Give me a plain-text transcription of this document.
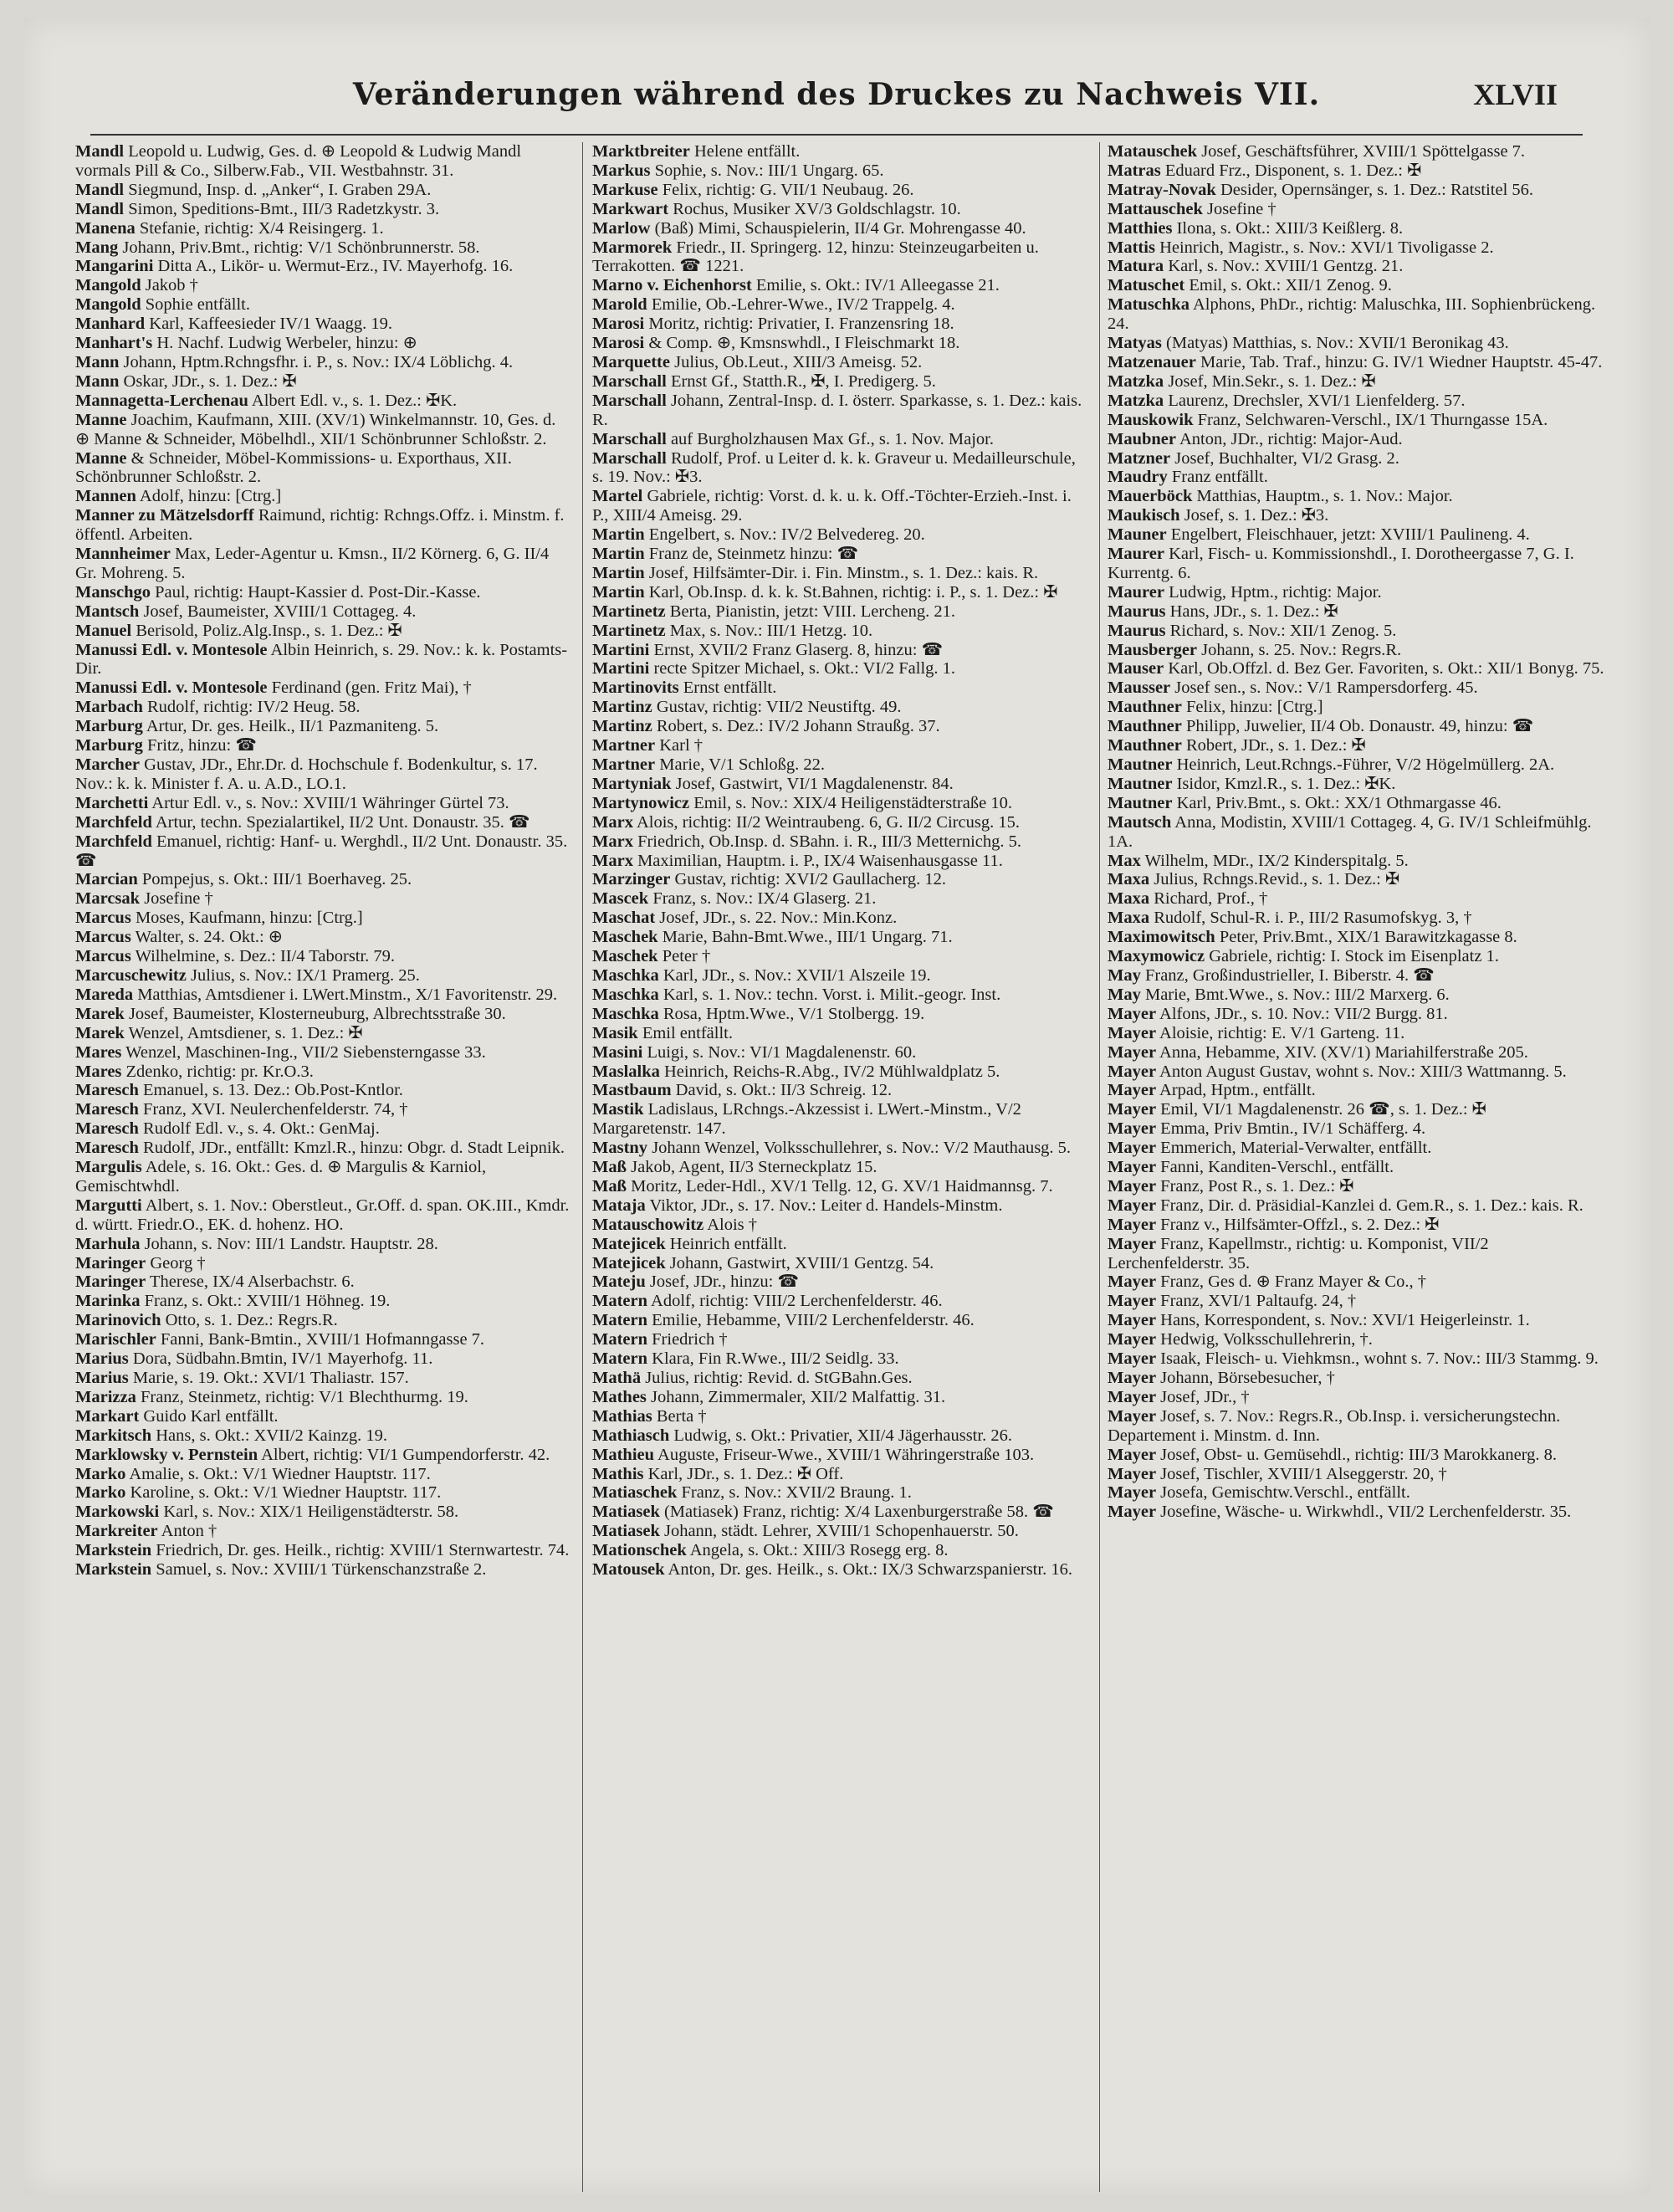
Veränderungen während des Druckes zu Nachweis VII.	XLVII

Mandl Leopold u. Ludwig, Ges. d. ⊕ Leopold & Ludwig Mandl vormals Pill & Co., Silberw.Fab., VII. Westbahnstr. 31.

Mandl Siegmund, Insp. d. „Anker“, I. Graben 29A.

Mandl Simon, Speditions-Bmt., III/3 Radetzkystr. 3.

Manena Stefanie, richtig: X/4 Reisingerg. 1.

Mang Johann, Priv.Bmt., richtig: V/1 Schönbrunnerstr. 58.

Mangarini Ditta A., Likör- u. Wermut-Erz., IV. Mayerhofg. 16.

Mangold Jakob †

Mangold Sophie entfällt.

Manhard Karl, Kaffeesieder IV/1 Waagg. 19.

Manhart's H. Nachf. Ludwig Werbeler, hinzu: ⊕

Mann Johann, Hptm.Rchngsfhr. i. P., s. Nov.: IX/4 Löblichg. 4.

Mann Oskar, JDr., s. 1. Dez.: ✠

Mannagetta-Lerchenau Albert Edl. v., s. 1. Dez.: ✠K.

Manne Joachim, Kaufmann, XIII. (XV/1) Winkelmannstr. 10, Ges. d. ⊕ Manne & Schneider, Möbelhdl., XII/1 Schönbrunner Schloßstr. 2.

Manne & Schneider, Möbel-Kommissions- u. Exporthaus, XII. Schönbrunner Schloßstr. 2.

Mannen Adolf, hinzu: [Ctrg.]

Manner zu Mätzelsdorff Raimund, richtig: Rchngs.Offz. i. Minstm. f. öffentl. Arbeiten.

Mannheimer Max, Leder-Agentur u. Kmsn., II/2 Körnerg. 6, G. II/4 Gr. Mohreng. 5.

Manschgo Paul, richtig: Haupt-Kassier d. Post-Dir.-Kasse.

Mantsch Josef, Baumeister, XVIII/1 Cottageg. 4.

Manuel Berisold, Poliz.Alg.Insp., s. 1. Dez.: ✠

Manussi Edl. v. Montesole Albin Heinrich, s. 29. Nov.: k. k. Postamts-Dir.

Manussi Edl. v. Montesole Ferdinand (gen. Fritz Mai), †

Marbach Rudolf, richtig: IV/2 Heug. 58.

Marburg Artur, Dr. ges. Heilk., II/1 Pazmaniteng. 5.

Marburg Fritz, hinzu: ☎

Marcher Gustav, JDr., Ehr.Dr. d. Hochschule f. Bodenkultur, s. 17. Nov.: k. k. Minister f. A. u. A.D., LO.1.

Marchetti Artur Edl. v., s. Nov.: XVIII/1 Währinger Gürtel 73.

Marchfeld Artur, techn. Spezialartikel, II/2 Unt. Donaustr. 35. ☎

Marchfeld Emanuel, richtig: Hanf- u. Werghdl., II/2 Unt. Donaustr. 35. ☎

Marcian Pompejus, s. Okt.: III/1 Boerhaveg. 25.

Marcsak Josefine †

Marcus Moses, Kaufmann, hinzu: [Ctrg.]

Marcus Walter, s. 24. Okt.: ⊕

Marcus Wilhelmine, s. Dez.: II/4 Taborstr. 79.

Marcuschewitz Julius, s. Nov.: IX/1 Pramerg. 25.

Mareda Matthias, Amtsdiener i. LWert.Minstm., X/1 Favoritenstr. 29.

Marek Josef, Baumeister, Klosterneuburg, Albrechtsstraße 30.

Marek Wenzel, Amtsdiener, s. 1. Dez.: ✠

Mares Wenzel, Maschinen-Ing., VII/2 Siebensterngasse 33.

Mares Zdenko, richtig: pr. Kr.O.3.

Maresch Emanuel, s. 13. Dez.: Ob.Post-Kntlor.

Maresch Franz, XVI. Neulerchenfelderstr. 74, †

Maresch Rudolf Edl. v., s. 4. Okt.: GenMaj.

Maresch Rudolf, JDr., entfällt: Kmzl.R., hinzu: Obgr. d. Stadt Leipnik.

Margulis Adele, s. 16. Okt.: Ges. d. ⊕ Margulis & Karniol, Gemischtwhdl.

Margutti Albert, s. 1. Nov.: Oberstleut., Gr.Off. d. span. OK.III., Kmdr. d. württ. Friedr.O., EK. d. hohenz. HO.

Marhula Johann, s. Nov: III/1 Landstr. Hauptstr. 28.

Maringer Georg †

Maringer Therese, IX/4 Alserbachstr. 6.

Marinka Franz, s. Okt.: XVIII/1 Höhneg. 19.

Marinovich Otto, s. 1. Dez.: Regrs.R.

Marischler Fanni, Bank-Bmtin., XVIII/1 Hofmanngasse 7.

Marius Dora, Südbahn.Bmtin, IV/1 Mayerhofg. 11.

Marius Marie, s. 19. Okt.: XVI/1 Thaliastr. 157.

Marizza Franz, Steinmetz, richtig: V/1 Blechthurmg. 19.

Markart Guido Karl entfällt.

Markitsch Hans, s. Okt.: XVII/2 Kainzg. 19.

Marklowsky v. Pernstein Albert, richtig: VI/1 Gumpendorferstr. 42.

Marko Amalie, s. Okt.: V/1 Wiedner Hauptstr. 117.

Marko Karoline, s. Okt.: V/1 Wiedner Hauptstr. 117.

Markowski Karl, s. Nov.: XIX/1 Heiligenstädterstr. 58.

Markreiter Anton †

Markstein Friedrich, Dr. ges. Heilk., richtig: XVIII/1 Sternwartestr. 74.

Markstein Samuel, s. Nov.: XVIII/1 Türkenschanzstraße 2.

Marktbreiter Helene entfällt.

Markus Sophie, s. Nov.: III/1 Ungarg. 65.

Markuse Felix, richtig: G. VII/1 Neubaug. 26.

Markwart Rochus, Musiker XV/3 Goldschlagstr. 10.

Marlow (Baß) Mimi, Schauspielerin, II/4 Gr. Mohrengasse 40.

Marmorek Friedr., II. Springerg. 12, hinzu: Steinzeugarbeiten u. Terrakotten. ☎ 1221.

Marno v. Eichenhorst Emilie, s. Okt.: IV/1 Alleegasse 21.

Marold Emilie, Ob.-Lehrer-Wwe., IV/2 Trappelg. 4.

Marosi Moritz, richtig: Privatier, I. Franzensring 18.

Marosi & Comp. ⊕, Kmsnswhdl., I Fleischmarkt 18.

Marquette Julius, Ob.Leut., XIII/3 Ameisg. 52.

Marschall Ernst Gf., Statth.R., ✠, I. Predigerg. 5.

Marschall Johann, Zentral-Insp. d. I. österr. Sparkasse, s. 1. Dez.: kais. R.

Marschall auf Burgholzhausen Max Gf., s. 1. Nov. Major.

Marschall Rudolf, Prof. u Leiter d. k. k. Graveur u. Medailleurschule, s. 19. Nov.: ✠3.

Martel Gabriele, richtig: Vorst. d. k. u. k. Off.-Töchter-Erzieh.-Inst. i. P., XIII/4 Ameisg. 29.

Martin Engelbert, s. Nov.: IV/2 Belvedereg. 20.

Martin Franz de, Steinmetz hinzu: ☎

Martin Josef, Hilfsämter-Dir. i. Fin. Minstm., s. 1. Dez.: kais. R.

Martin Karl, Ob.Insp. d. k. k. St.Bahnen, richtig: i. P., s. 1. Dez.: ✠

Martinetz Berta, Pianistin, jetzt: VIII. Lercheng. 21.

Martinetz Max, s. Nov.: III/1 Hetzg. 10.

Martini Ernst, XVII/2 Franz Glaserg. 8, hinzu: ☎

Martini recte Spitzer Michael, s. Okt.: VI/2 Fallg. 1.

Martinovits Ernst entfällt.

Martinz Gustav, richtig: VII/2 Neustiftg. 49.

Martinz Robert, s. Dez.: IV/2 Johann Straußg. 37.

Martner Karl †

Martner Marie, V/1 Schloßg. 22.

Martyniak Josef, Gastwirt, VI/1 Magdalenenstr. 84.

Martynowicz Emil, s. Nov.: XIX/4 Heiligenstädterstraße 10.

Marx Alois, richtig: II/2 Weintraubeng. 6, G. II/2 Circusg. 15.

Marx Friedrich, Ob.Insp. d. SBahn. i. R., III/3 Metternichg. 5.

Marx Maximilian, Hauptm. i. P., IX/4 Waisenhausgasse 11.

Marzinger Gustav, richtig: XVI/2 Gaullacherg. 12.

Mascek Franz, s. Nov.: IX/4 Glaserg. 21.

Maschat Josef, JDr., s. 22. Nov.: Min.Konz.

Maschek Marie, Bahn-Bmt.Wwe., III/1 Ungarg. 71.

Maschek Peter †

Maschka Karl, JDr., s. Nov.: XVII/1 Alszeile 19.

Maschka Karl, s. 1. Nov.: techn. Vorst. i. Milit.-geogr. Inst.

Maschka Rosa, Hptm.Wwe., V/1 Stolbergg. 19.

Masik Emil entfällt.

Masini Luigi, s. Nov.: VI/1 Magdalenenstr. 60.

Maslalka Heinrich, Reichs-R.Abg., IV/2 Mühlwaldplatz 5.

Mastbaum David, s. Okt.: II/3 Schreig. 12.

Mastik Ladislaus, LRchngs.-Akzessist i. LWert.-Minstm., V/2 Margaretenstr. 147.

Mastny Johann Wenzel, Volksschullehrer, s. Nov.: V/2 Mauthausg. 5.

Maß Jakob, Agent, II/3 Sterneckplatz 15.

Maß Moritz, Leder-Hdl., XV/1 Tellg. 12, G. XV/1 Haidmannsg. 7.

Mataja Viktor, JDr., s. 17. Nov.: Leiter d. Handels-Minstm.

Matauschowitz Alois †

Matejicek Heinrich entfällt.

Matejicek Johann, Gastwirt, XVIII/1 Gentzg. 54.

Mateju Josef, JDr., hinzu: ☎

Matern Adolf, richtig: VIII/2 Lerchenfelderstr. 46.

Matern Emilie, Hebamme, VIII/2 Lerchenfelderstr. 46.

Matern Friedrich †

Matern Klara, Fin R.Wwe., III/2 Seidlg. 33.

Mathä Julius, richtig: Revid. d. StGBahn.Ges.

Mathes Johann, Zimmermaler, XII/2 Malfattig. 31.

Mathias Berta †

Mathiasch Ludwig, s. Okt.: Privatier, XII/4 Jägerhausstr. 26.

Mathieu Auguste, Friseur-Wwe., XVIII/1 Währingerstraße 103.

Mathis Karl, JDr., s. 1. Dez.: ✠ Off.

Matiaschek Franz, s. Nov.: XVII/2 Braung. 1.

Matiasek (Matiasek) Franz, richtig: X/4 Laxenburgerstraße 58. ☎

Matiasek Johann, städt. Lehrer, XVIII/1 Schopenhauerstr. 50.

Mationschek Angela, s. Okt.: XIII/3 Rosegg erg. 8.

Matousek Anton, Dr. ges. Heilk., s. Okt.: IX/3 Schwarzspanierstr. 16.

Matauschek Josef, Geschäftsführer, XVIII/1 Spöttelgasse 7.

Matras Eduard Frz., Disponent, s. 1. Dez.: ✠

Matray-Novak Desider, Opernsänger, s. 1. Dez.: Ratstitel 56.

Mattauschek Josefine †

Matthies Ilona, s. Okt.: XIII/3 Keißlerg. 8.

Mattis Heinrich, Magistr., s. Nov.: XVI/1 Tivoligasse 2.

Matura Karl, s. Nov.: XVIII/1 Gentzg. 21.

Matuschet Emil, s. Okt.: XII/1 Zenog. 9.

Matuschka Alphons, PhDr., richtig: Maluschka, III. Sophienbrückeng. 24.

Matyas (Matyas) Matthias, s. Nov.: XVII/1 Beronikag 43.

Matzenauer Marie, Tab. Traf., hinzu: G. IV/1 Wiedner Hauptstr. 45-47.

Matzka Josef, Min.Sekr., s. 1. Dez.: ✠

Matzka Laurenz, Drechsler, XVI/1 Lienfelderg. 57.

Mauskowik Franz, Selchwaren-Verschl., IX/1 Thurngasse 15A.

Maubner Anton, JDr., richtig: Major-Aud.

Matzner Josef, Buchhalter, VI/2 Grasg. 2.

Maudry Franz entfällt.

Mauerböck Matthias, Hauptm., s. 1. Nov.: Major.

Maukisch Josef, s. 1. Dez.: ✠3.

Mauner Engelbert, Fleischhauer, jetzt: XVIII/1 Paulineng. 4.

Maurer Karl, Fisch- u. Kommissionshdl., I. Dorotheergasse 7, G. I. Kurrentg. 6.

Maurer Ludwig, Hptm., richtig: Major.

Maurus Hans, JDr., s. 1. Dez.: ✠

Maurus Richard, s. Nov.: XII/1 Zenog. 5.

Mausberger Johann, s. 25. Nov.: Regrs.R.

Mauser Karl, Ob.Offzl. d. Bez Ger. Favoriten, s. Okt.: XII/1 Bonyg. 75.

Mausser Josef sen., s. Nov.: V/1 Rampersdorferg. 45.

Mauthner Felix, hinzu: [Ctrg.]

Mauthner Philipp, Juwelier, II/4 Ob. Donaustr. 49, hinzu: ☎

Mauthner Robert, JDr., s. 1. Dez.: ✠

Mautner Heinrich, Leut.Rchngs.-Führer, V/2 Högelmüllerg. 2A.

Mautner Isidor, Kmzl.R., s. 1. Dez.: ✠K.

Mautner Karl, Priv.Bmt., s. Okt.: XX/1 Othmargasse 46.

Mautsch Anna, Modistin, XVIII/1 Cottageg. 4, G. IV/1 Schleifmühlg. 1A.

Max Wilhelm, MDr., IX/2 Kinderspitalg. 5.

Maxa Julius, Rchngs.Revid., s. 1. Dez.: ✠

Maxa Richard, Prof., †

Maxa Rudolf, Schul-R. i. P., III/2 Rasumofskyg. 3, †

Maximowitsch Peter, Priv.Bmt., XIX/1 Barawitzkagasse 8.

Maxymowicz Gabriele, richtig: I. Stock im Eisenplatz 1.

May Franz, Großindustrieller, I. Biberstr. 4. ☎

May Marie, Bmt.Wwe., s. Nov.: III/2 Marxerg. 6.

Mayer Alfons, JDr., s. 10. Nov.: VII/2 Burgg. 81.

Mayer Aloisie, richtig: E. V/1 Garteng. 11.

Mayer Anna, Hebamme, XIV. (XV/1) Mariahilferstraße 205.

Mayer Anton August Gustav, wohnt s. Nov.: XIII/3 Wattmanng. 5.

Mayer Arpad, Hptm., entfällt.

Mayer Emil, VI/1 Magdalenenstr. 26 ☎, s. 1. Dez.: ✠

Mayer Emma, Priv Bmtin., IV/1 Schäfferg. 4.

Mayer Emmerich, Material-Verwalter, entfällt.

Mayer Fanni, Kanditen-Verschl., entfällt.

Mayer Franz, Post R., s. 1. Dez.: ✠

Mayer Franz, Dir. d. Präsidial-Kanzlei d. Gem.R., s. 1. Dez.: kais. R.

Mayer Franz v., Hilfsämter-Offzl., s. 2. Dez.: ✠

Mayer Franz, Kapellmstr., richtig: u. Komponist, VII/2 Lerchenfelderstr. 35.

Mayer Franz, Ges d. ⊕ Franz Mayer & Co., †

Mayer Franz, XVI/1 Paltaufg. 24, †

Mayer Hans, Korrespondent, s. Nov.: XVI/1 Heigerleinstr. 1.

Mayer Hedwig, Volksschullehrerin, †.

Mayer Isaak, Fleisch- u. Viehkmsn., wohnt s. 7. Nov.: III/3 Stammg. 9.

Mayer Johann, Börsebesucher, †

Mayer Josef, JDr., †

Mayer Josef, s. 7. Nov.: Regrs.R., Ob.Insp. i. versicherungstechn. Departement i. Minstm. d. Inn.

Mayer Josef, Obst- u. Gemüsehdl., richtig: III/3 Marokkanerg. 8.

Mayer Josef, Tischler, XVIII/1 Alseggerstr. 20, †

Mayer Josefa, Gemischtw.Verschl., entfällt.

Mayer Josefine, Wäsche- u. Wirkwhdl., VII/2 Lerchenfelderstr. 35.
